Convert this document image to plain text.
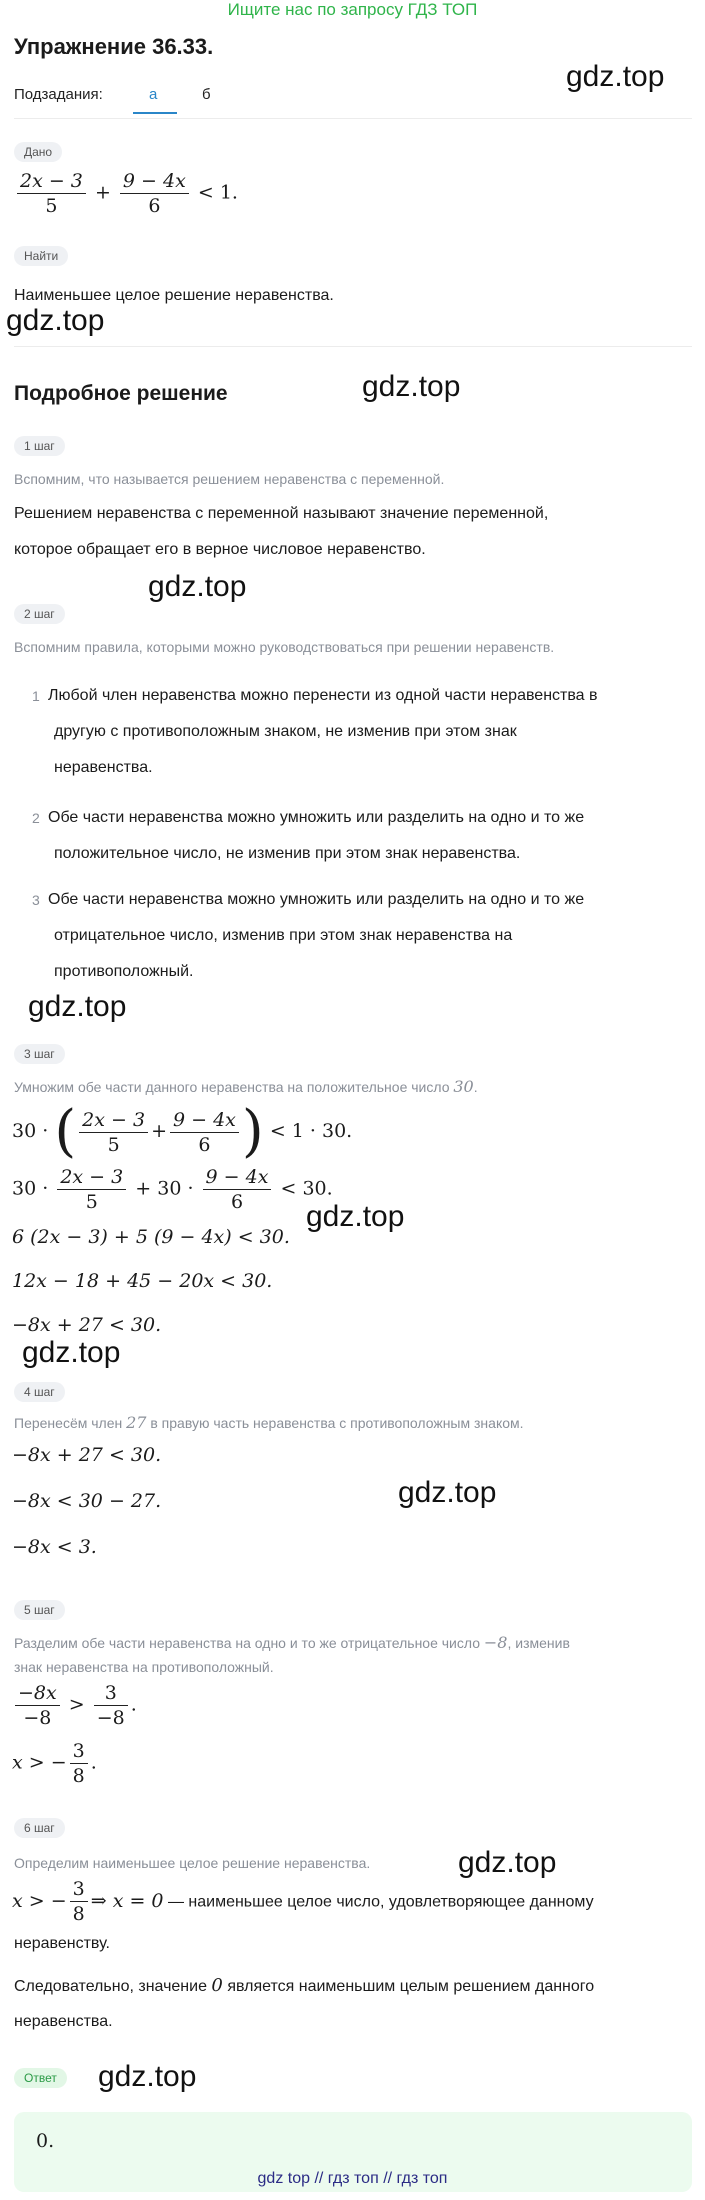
Ищите нас по запросу ГДЗ ТОП
Упражнение 36.33.
gdz.top
Подзадания:	а	б
Дано
$\frac{2x - 3}{5} + \frac{9 - 4x}{6} < 1$.
Найти
Наименьшее целое решение неравенства.
gdz.top
Подробное решение	gdz.top
1 шаг
Вспомним, что называется решением неравенства с переменной.
Решением неравенства с переменной называют значение переменной,
которое обращает его в верное числовое неравенство.
gdz.top
2 шаг
Вспомним правила, которыми можно руководствоваться при решении неравенств.
1 Любой член неравенства можно перенести из одной части неравенства в
другую с противоположным знаком, не изменив при этом знак
неравенства.
2 Обе части неравенства можно умножить или разделить на одно и то же
положительное число, не изменив при этом знак неравенства.
3 Обе части неравенства можно умножить или разделить на одно и то же
отрицательное число, изменив при этом знак неравенства на
противоположный.
gdz.top
3 шаг
Умножим обе части данного неравенства на положительное число 30.
30 · ( $\frac{2x - 3}{5} + \frac{9 - 4x}{6}$ ) < 1 · 30.
$30 \cdot \frac{2x - 3}{5} + 30 \cdot \frac{9 - 4x}{6} < 30$.
gdz.top
6 (2x − 3) + 5 (9 − 4x) < 30.
12x − 18 + 45 − 20x < 30.
−8x + 27 < 30.
gdz.top
4 шаг
Перенесём член 27 в правую часть неравенства с противоположным знаком.
−8x + 27 < 30.
gdz.top
−8x < 30 − 27.
−8x < 3.
5 шаг
Разделим обе части неравенства на одно и то же отрицательное число −8, изменив
знак неравенства на противоположный.
$\frac{-8x}{-8} > \frac{3}{-8}$ .
x > − $\frac{3}{8}$ .
6 шаг
Определим наименьшее целое решение неравенства.	gdz.top
x > − $\frac{3}{8}$ ⇒ x = 0 — наименьшее целое число, удовлетворяющее данному
неравенству.
Следовательно, значение 0 является наименьшим целым решением данного
неравенства.
Ответ	gdz.top
0.
gdz top // гдз топ // гдз топ
